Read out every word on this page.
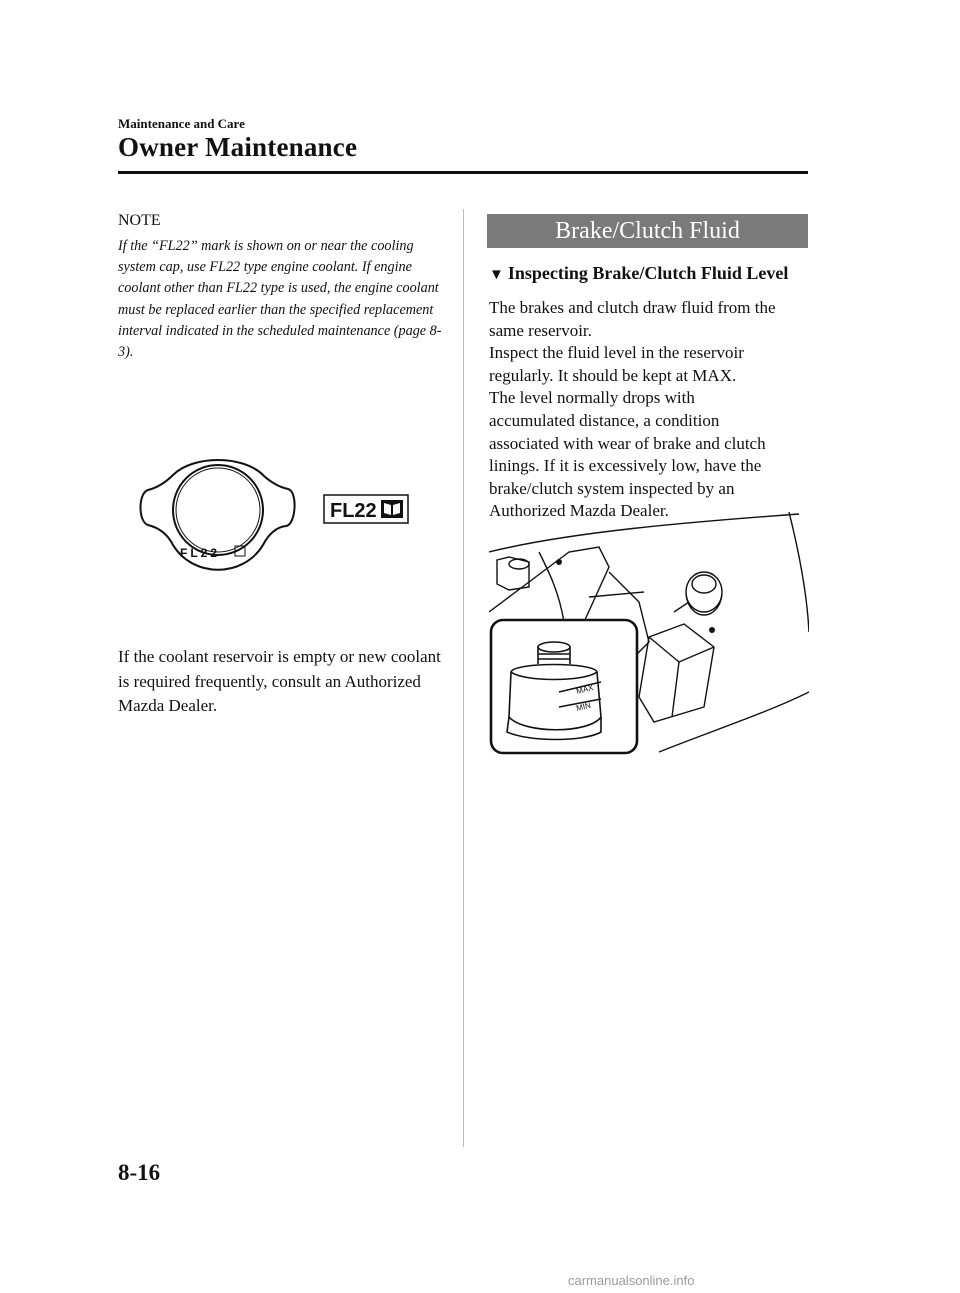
Maintenance and Care
Owner Maintenance
NOTE
If the “FL22” mark is shown on or near the cooling system cap, use FL22 type engine coolant. If engine coolant other than FL22 type is used, the engine coolant must be replaced earlier than the specified replacement interval indicated in the scheduled maintenance (page 8-3).
FL22
FL22
If the coolant reservoir is empty or new coolant is required frequently, consult an Authorized Mazda Dealer.
Brake/Clutch Fluid
▼ Inspecting Brake/Clutch Fluid Level
The brakes and clutch draw fluid from the
same reservoir.
Inspect the fluid level in the reservoir
regularly. It should be kept at MAX.
The level normally drops with
accumulated distance, a condition
associated with wear of brake and clutch
linings. If it is excessively low, have the
brake/clutch system inspected by an
Authorized Mazda Dealer.
MAX
MIN
8-16
carmanualsonline.info
